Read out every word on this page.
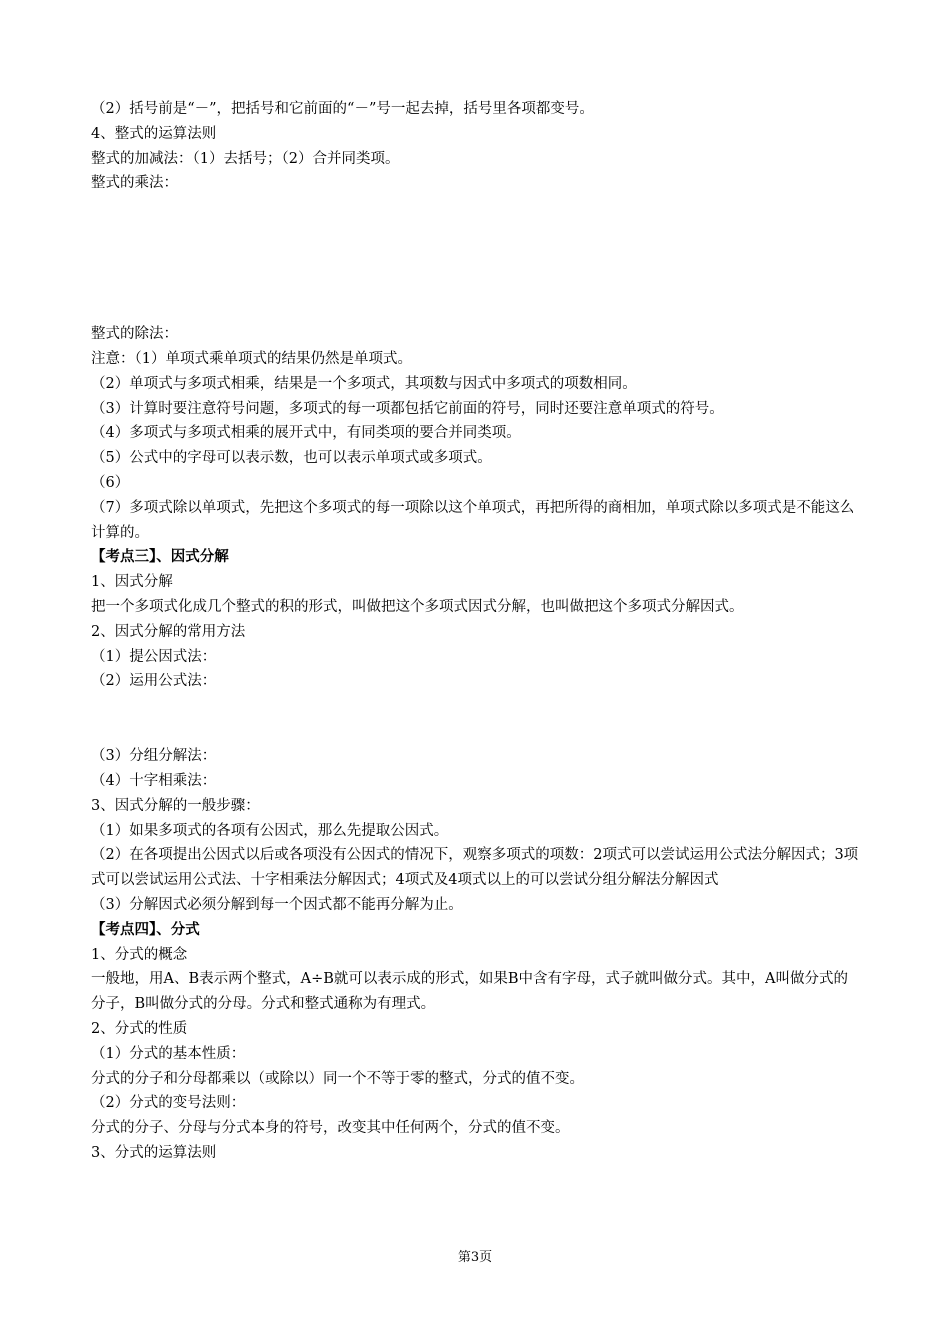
（2）括号前是“－”，把括号和它前面的“－”号一起去掉，括号里各项都变号。
4、整式的运算法则
整式的加减法：（1）去括号；（2）合并同类项。
整式的乘法：
整式的除法：
注意：（1）单项式乘单项式的结果仍然是单项式。
（2）单项式与多项式相乘，结果是一个多项式，其项数与因式中多项式的项数相同。
（3）计算时要注意符号问题，多项式的每一项都包括它前面的符号，同时还要注意单项式的符号。
（4）多项式与多项式相乘的展开式中，有同类项的要合并同类项。
（5）公式中的字母可以表示数，也可以表示单项式或多项式。
（6）
（7）多项式除以单项式，先把这个多项式的每一项除以这个单项式，再把所得的商相加，单项式除以多项式是不能这么计算的。
【考点三】、因式分解
1、因式分解
把一个多项式化成几个整式的积的形式，叫做把这个多项式因式分解，也叫做把这个多项式分解因式。
2、因式分解的常用方法
（1）提公因式法：
（2）运用公式法：
（3）分组分解法：
（4）十字相乘法：
3、因式分解的一般步骤：
（1）如果多项式的各项有公因式，那么先提取公因式。
（2）在各项提出公因式以后或各项没有公因式的情况下，观察多项式的项数：2项式可以尝试运用公式法分解因式；3项式可以尝试运用公式法、十字相乘法分解因式；4项式及4项式以上的可以尝试分组分解法分解因式
（3）分解因式必须分解到每一个因式都不能再分解为止。
【考点四】、分式
1、分式的概念
一般地，用A、B表示两个整式，A÷B就可以表示成的形式，如果B中含有字母，式子就叫做分式。其中，A叫做分式的分子，B叫做分式的分母。分式和整式通称为有理式。
2、分式的性质
（1）分式的基本性质：
分式的分子和分母都乘以（或除以）同一个不等于零的整式，分式的值不变。
（2）分式的变号法则：
分式的分子、分母与分式本身的符号，改变其中任何两个，分式的值不变。
3、分式的运算法则
第3页
